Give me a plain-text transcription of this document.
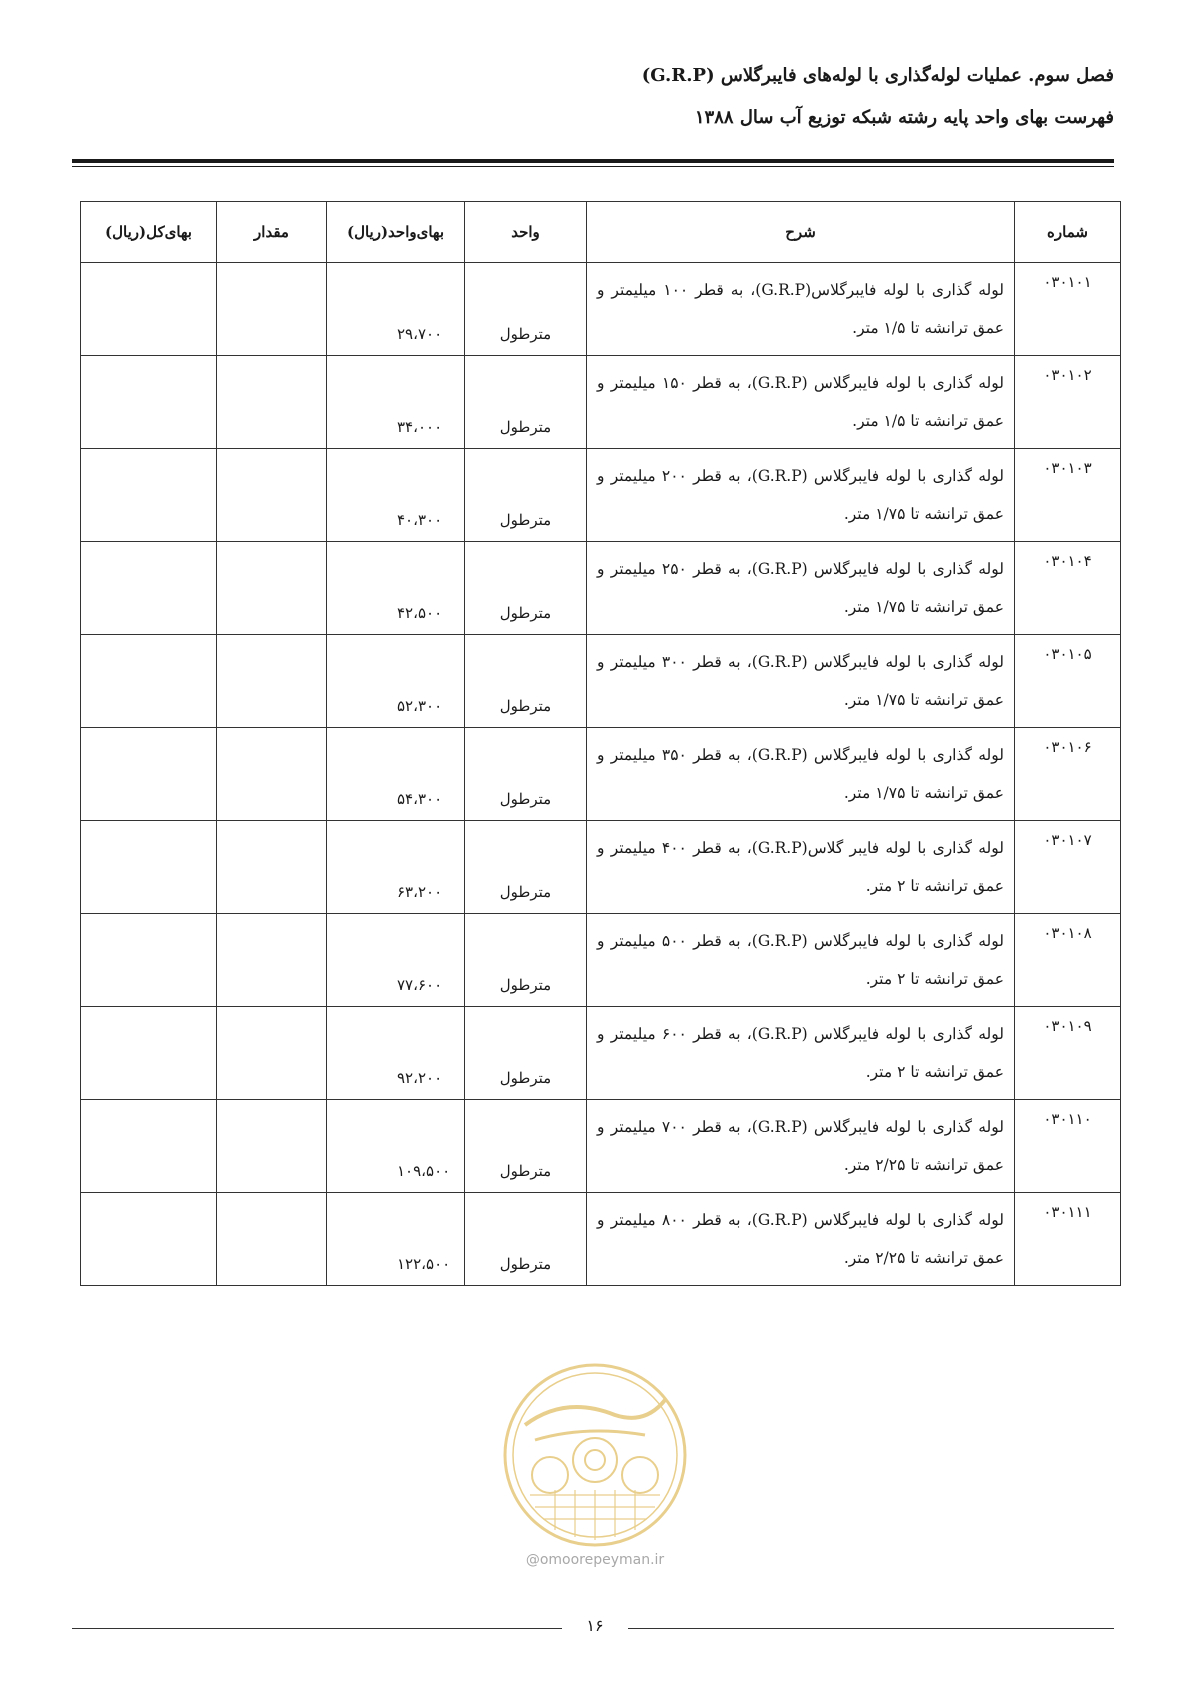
فصل سوم. عملیات لوله‌گذاری با لوله‌های فایبرگلاس (G.R.P)
فهرست بهای واحد پایه رشته شبکه توزیع آب سال ۱۳۸۸
شماره	شرح	واحد	بهای‌واحد(ریال)	مقدار	بهای‌کل(ریال)
۰۳۰۱۰۱	لوله گذاری با لوله فایبرگلاس(G.R.P)، به قطر ۱۰۰ میلیمتر و عمق ترانشه تا ۱/۵ متر.	مترطول	۲۹،۷۰۰		
۰۳۰۱۰۲	لوله گذاری با لوله فایبرگلاس (G.R.P)، به قطر ۱۵۰ میلیمتر و عمق ترانشه تا ۱/۵ متر.	مترطول	۳۴،۰۰۰		
۰۳۰۱۰۳	لوله گذاری با لوله فایبرگلاس (G.R.P)، به قطر ۲۰۰ میلیمتر و عمق ترانشه تا ۱/۷۵ متر.	مترطول	۴۰،۳۰۰		
۰۳۰۱۰۴	لوله گذاری با لوله فایبرگلاس (G.R.P)، به قطر ۲۵۰ میلیمتر و عمق ترانشه تا ۱/۷۵ متر.	مترطول	۴۲،۵۰۰		
۰۳۰۱۰۵	لوله گذاری با لوله فایبرگلاس (G.R.P)، به قطر ۳۰۰ میلیمتر و عمق ترانشه تا ۱/۷۵ متر.	مترطول	۵۲،۳۰۰		
۰۳۰۱۰۶	لوله گذاری با لوله فایبرگلاس (G.R.P)، به قطر ۳۵۰ میلیمتر و عمق ترانشه تا ۱/۷۵ متر.	مترطول	۵۴،۳۰۰		
۰۳۰۱۰۷	لوله گذاری با لوله فایبر گلاس(G.R.P)، به قطر ۴۰۰ میلیمتر و عمق ترانشه تا ۲ متر.	مترطول	۶۳،۲۰۰		
۰۳۰۱۰۸	لوله گذاری با لوله فایبرگلاس (G.R.P)، به قطر ۵۰۰ میلیمتر و عمق ترانشه تا ۲ متر.	مترطول	۷۷،۶۰۰		
۰۳۰۱۰۹	لوله گذاری با لوله فایبرگلاس (G.R.P)، به قطر ۶۰۰ میلیمتر و عمق ترانشه تا ۲ متر.	مترطول	۹۲،۲۰۰		
۰۳۰۱۱۰	لوله گذاری با لوله فایبرگلاس (G.R.P)، به قطر ۷۰۰ میلیمتر و عمق ترانشه تا ۲/۲۵ متر.	مترطول	۱۰۹،۵۰۰		
۰۳۰۱۱۱	لوله گذاری با لوله فایبرگلاس (G.R.P)، به قطر ۸۰۰ میلیمتر و عمق ترانشه تا ۲/۲۵ متر.	مترطول	۱۲۲،۵۰۰		
@omoorepeyman.ir
۱۶
